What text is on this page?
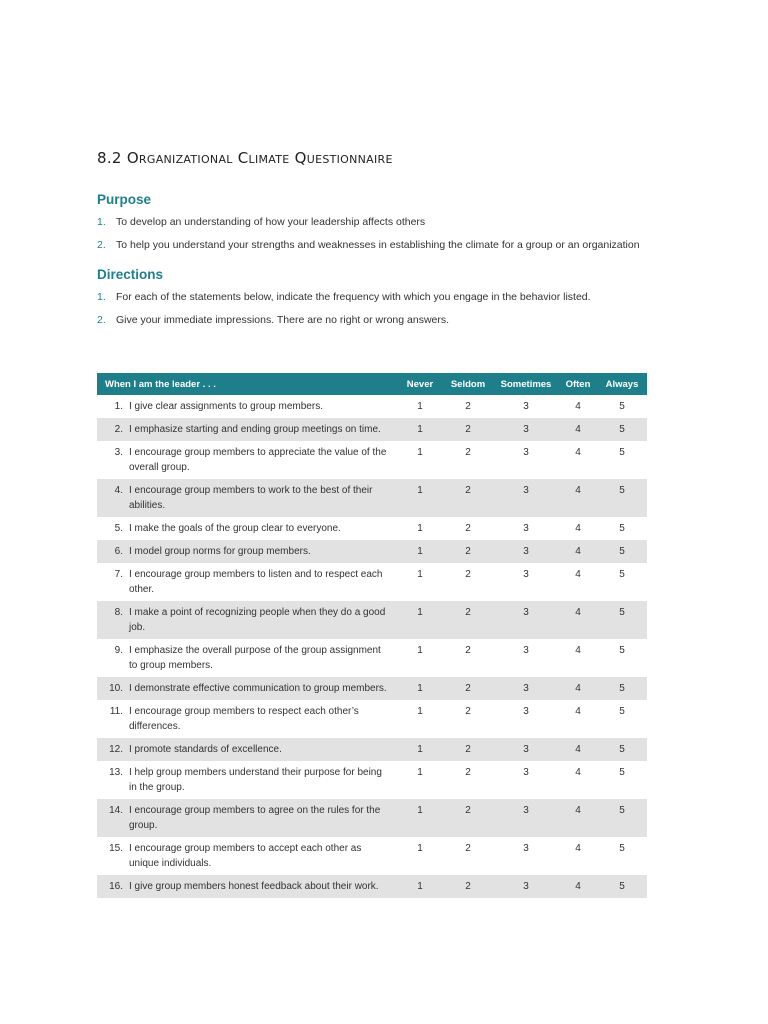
8.2 Organizational Climate Questionnaire
Purpose
1. To develop an understanding of how your leadership affects others
2. To help you understand your strengths and weaknesses in establishing the climate for a group or an organization
Directions
1. For each of the statements below, indicate the frequency with which you engage in the behavior listed.
2. Give your immediate impressions. There are no right or wrong answers.
When I am the leader . . .		Never	Seldom	Sometimes	Often	Always
1.	I give clear assignments to group members.	1	2	3	4	5
2.	I emphasize starting and ending group meetings on time.	1	2	3	4	5
3.	I encourage group members to appreciate the value of the overall group.	1	2	3	4	5
4.	I encourage group members to work to the best of their abilities.	1	2	3	4	5
5.	I make the goals of the group clear to everyone.	1	2	3	4	5
6.	I model group norms for group members.	1	2	3	4	5
7.	I encourage group members to listen and to respect each other.	1	2	3	4	5
8.	I make a point of recognizing people when they do a good job.	1	2	3	4	5
9.	I emphasize the overall purpose of the group assignment to group members.	1	2	3	4	5
10.	I demonstrate effective communication to group members.	1	2	3	4	5
11.	I encourage group members to respect each other’s differences.	1	2	3	4	5
12.	I promote standards of excellence.	1	2	3	4	5
13.	I help group members understand their purpose for being in the group.	1	2	3	4	5
14.	I encourage group members to agree on the rules for the group.	1	2	3	4	5
15.	I encourage group members to accept each other as unique individuals.	1	2	3	4	5
16.	I give group members honest feedback about their work.	1	2	3	4	5
